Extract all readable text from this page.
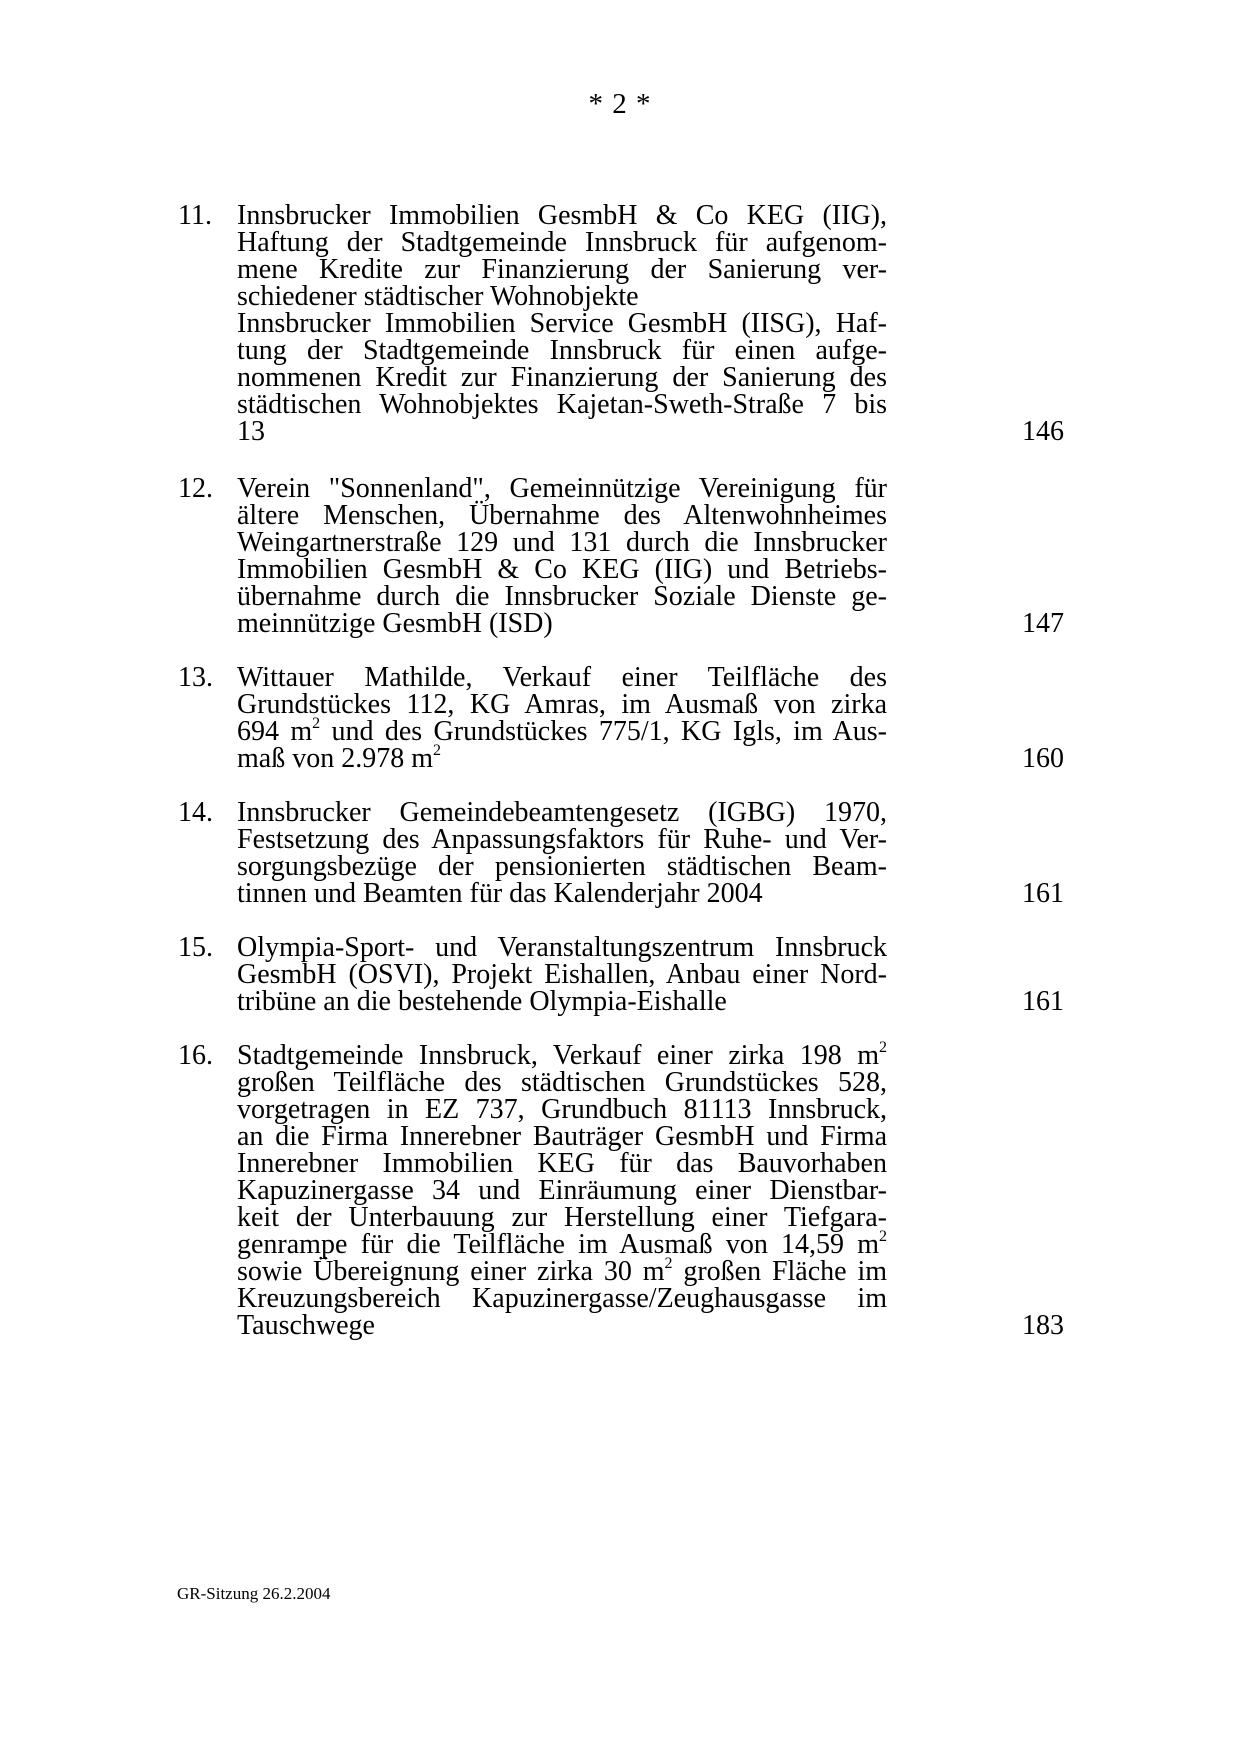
* 2 *
11. Innsbrucker Immobilien GesmbH & Co KEG (IIG),
Haftung der Stadtgemeinde Innsbruck für aufgenom-
mene Kredite zur Finanzierung der Sanierung ver-
schiedener städtischer Wohnobjekte
Innsbrucker Immobilien Service GesmbH (IISG), Haf-
tung der Stadtgemeinde Innsbruck für einen aufge-
nommenen Kredit zur Finanzierung der Sanierung des
städtischen Wohnobjektes Kajetan-Sweth-Straße 7 bis
13	146
12. Verein "Sonnenland", Gemeinnützige Vereinigung für
ältere Menschen, Übernahme des Altenwohnheimes
Weingartnerstraße 129 und 131 durch die Innsbrucker
Immobilien GesmbH & Co KEG (IIG) und Betriebs-
übernahme durch die Innsbrucker Soziale Dienste ge-
meinnützige GesmbH (ISD)	147
13. Wittauer Mathilde, Verkauf einer Teilfläche des
Grundstückes 112, KG Amras, im Ausmaß von zirka
694 $m^2$ und des Grundstückes 775/1, KG Igls, im Aus-
maß von 2.978 $m^2$	160
14. Innsbrucker Gemeindebeamtengesetz (IGBG) 1970,
Festsetzung des Anpassungsfaktors für Ruhe- und Ver-
sorgungsbezüge der pensionierten städtischen Beam-
tinnen und Beamten für das Kalenderjahr 2004	161
15. Olympia-Sport- und Veranstaltungszentrum Innsbruck
GesmbH (OSVI), Projekt Eishallen, Anbau einer Nord-
tribüne an die bestehende Olympia-Eishalle	161
16. Stadtgemeinde Innsbruck, Verkauf einer zirka 198 $m^2$
großen Teilfläche des städtischen Grundstückes 528,
vorgetragen in EZ 737, Grundbuch 81113 Innsbruck,
an die Firma Innerebner Bauträger GesmbH und Firma
Innerebner Immobilien KEG für das Bauvorhaben
Kapuzinergasse 34 und Einräumung einer Dienstbar-
keit der Unterbauung zur Herstellung einer Tiefgara-
genrampe für die Teilfläche im Ausmaß von 14,59 $m^2$
sowie Übereignung einer zirka 30 $m^2$ großen Fläche im
Kreuzungsbereich Kapuzinergasse/Zeughausgasse im
Tauschwege	183
GR-Sitzung 26.2.2004
